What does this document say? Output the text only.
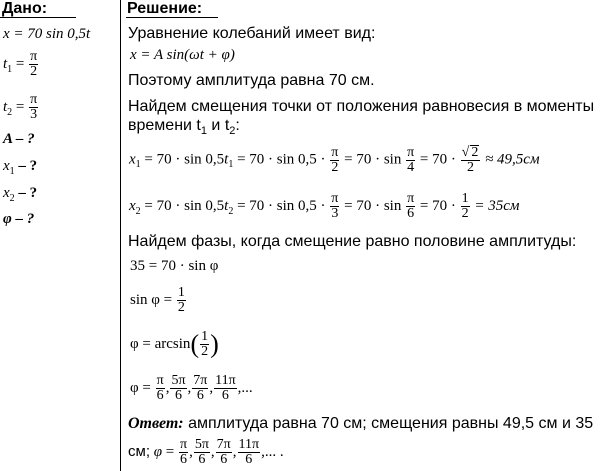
Дано:
x = 70 sin 0,5t
$t_1 = \frac{\pi}{2}$
$t_2 = \frac{\pi}{3}$
A – ?
$x_1$ – ?
$x_2$ – ?
φ – ?
Решение:
Уравнение колебаний имеет вид:
x = A sin(ωt + φ)
Поэтому амплитуда равна 70 см.
Найдем смещения точки от положения равновесия в моменты
времени $t_1$ и $t_2$:
$x_1 = 70 \cdot \sin 0,5t_1 = 70 \cdot \sin 0,5 \cdot \frac{\pi}{2} = 70 \cdot \sin \frac{\pi}{4} = 70 \cdot \frac{√ 2}{2} \approx 49,5см$
$x_2 = 70 \cdot \sin 0,5t_2 = 70 \cdot \sin 0,5 \cdot \frac{\pi}{3} = 70 \cdot \sin \frac{\pi}{6} = 70 \cdot \frac{1}{2} = 35см$
Найдем фазы, когда смещение равно половине амплитуды:
35 = 70 · sin φ
$\sin \varphi = \frac{1}{2}$
$\varphi = \arcsin( \frac{1}{2}$ )
$\varphi = \frac{\pi}{6}$ , $\frac{5\pi}{6}$ , $\frac{7\pi}{6}$ , $\frac{11\pi}{6}$ ,...
Ответ: амплитуда равна 70 см; смещения равны 49,5 см и 35
см; $\varphi = \frac{\pi}{6}$ , $\frac{5\pi}{6}$ , $\frac{7\pi}{6}$ , $\frac{11\pi}{6}$ ,... .
